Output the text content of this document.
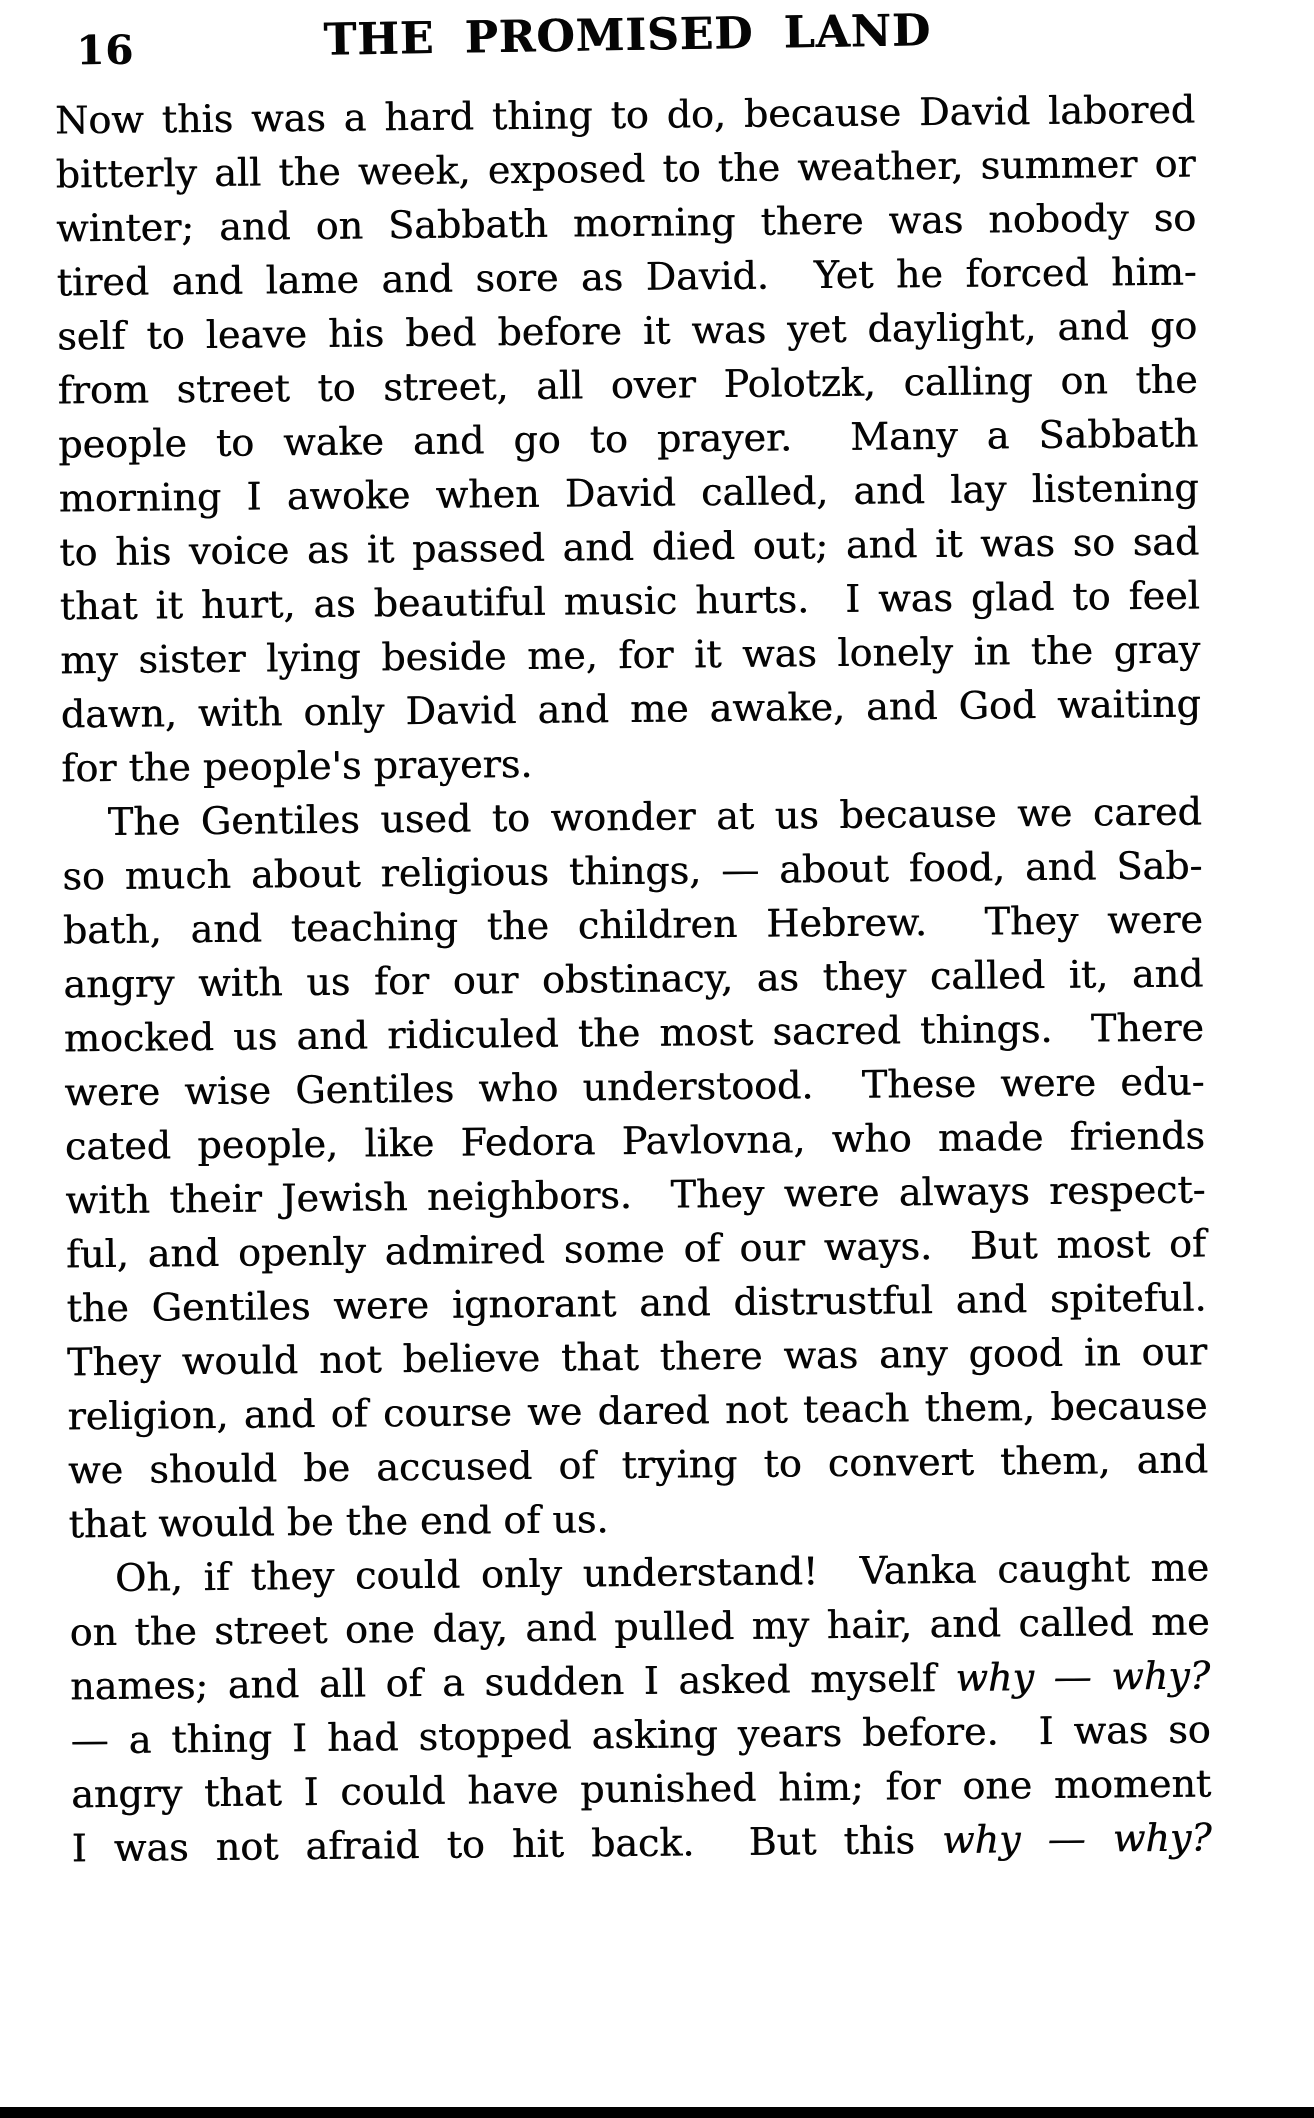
16	THE PROMISED LAND
Now this was a hard thing to do, because David labored
bitterly all the week, exposed to the weather, summer or
winter; and on Sabbath morning there was nobody so
tired and lame and sore as David.  Yet he forced him-
self to leave his bed before it was yet daylight, and go
from street to street, all over Polotzk, calling on the
people to wake and go to prayer.  Many a Sabbath
morning I awoke when David called, and lay listening
to his voice as it passed and died out; and it was so sad
that it hurt, as beautiful music hurts.  I was glad to feel
my sister lying beside me, for it was lonely in the gray
dawn, with only David and me awake, and God waiting
for the people's prayers.
The Gentiles used to wonder at us because we cared
so much about religious things, — about food, and Sab-
bath, and teaching the children Hebrew.  They were
angry with us for our obstinacy, as they called it, and
mocked us and ridiculed the most sacred things.  There
were wise Gentiles who understood.  These were edu-
cated people, like Fedora Pavlovna, who made friends
with their Jewish neighbors.  They were always respect-
ful, and openly admired some of our ways.  But most of
the Gentiles were ignorant and distrustful and spiteful.
They would not believe that there was any good in our
religion, and of course we dared not teach them, because
we should be accused of trying to convert them, and
that would be the end of us.
Oh, if they could only understand!  Vanka caught me
on the street one day, and pulled my hair, and called me
names; and all of a sudden I asked myself why — why?
— a thing I had stopped asking years before.  I was so
angry that I could have punished him; for one moment
I was not afraid to hit back.  But this why — why?
